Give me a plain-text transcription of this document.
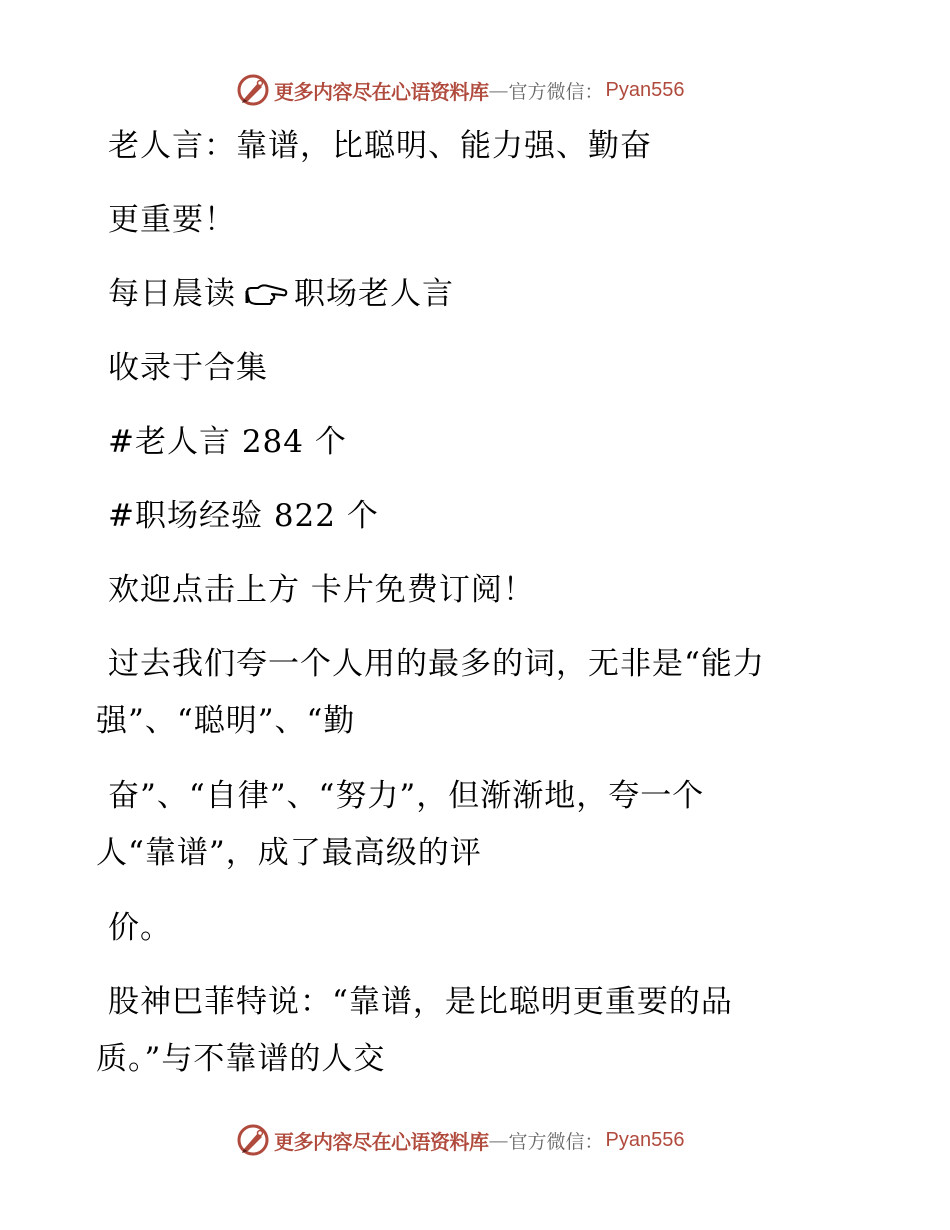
更多内容尽在心语资料库 — 官方微信： Pyan556
老人言：靠谱，比聪明、能力强、勤奋
更重要！
每日晨读 职场老人言
收录于合集
#老人言 284 个
#职场经验 822 个
欢迎点击上方 卡片免费订阅！
过去我们夸一个人用的最多的词，无非是“能力
强”、“聪明”、“勤
奋”、“自律”、“努力”，但渐渐地，夸一个
人“靠谱”，成了最高级的评
价。
股神巴菲特说：“靠谱，是比聪明更重要的品
质。”与不靠谱的人交
更多内容尽在心语资料库 — 官方微信： Pyan556
